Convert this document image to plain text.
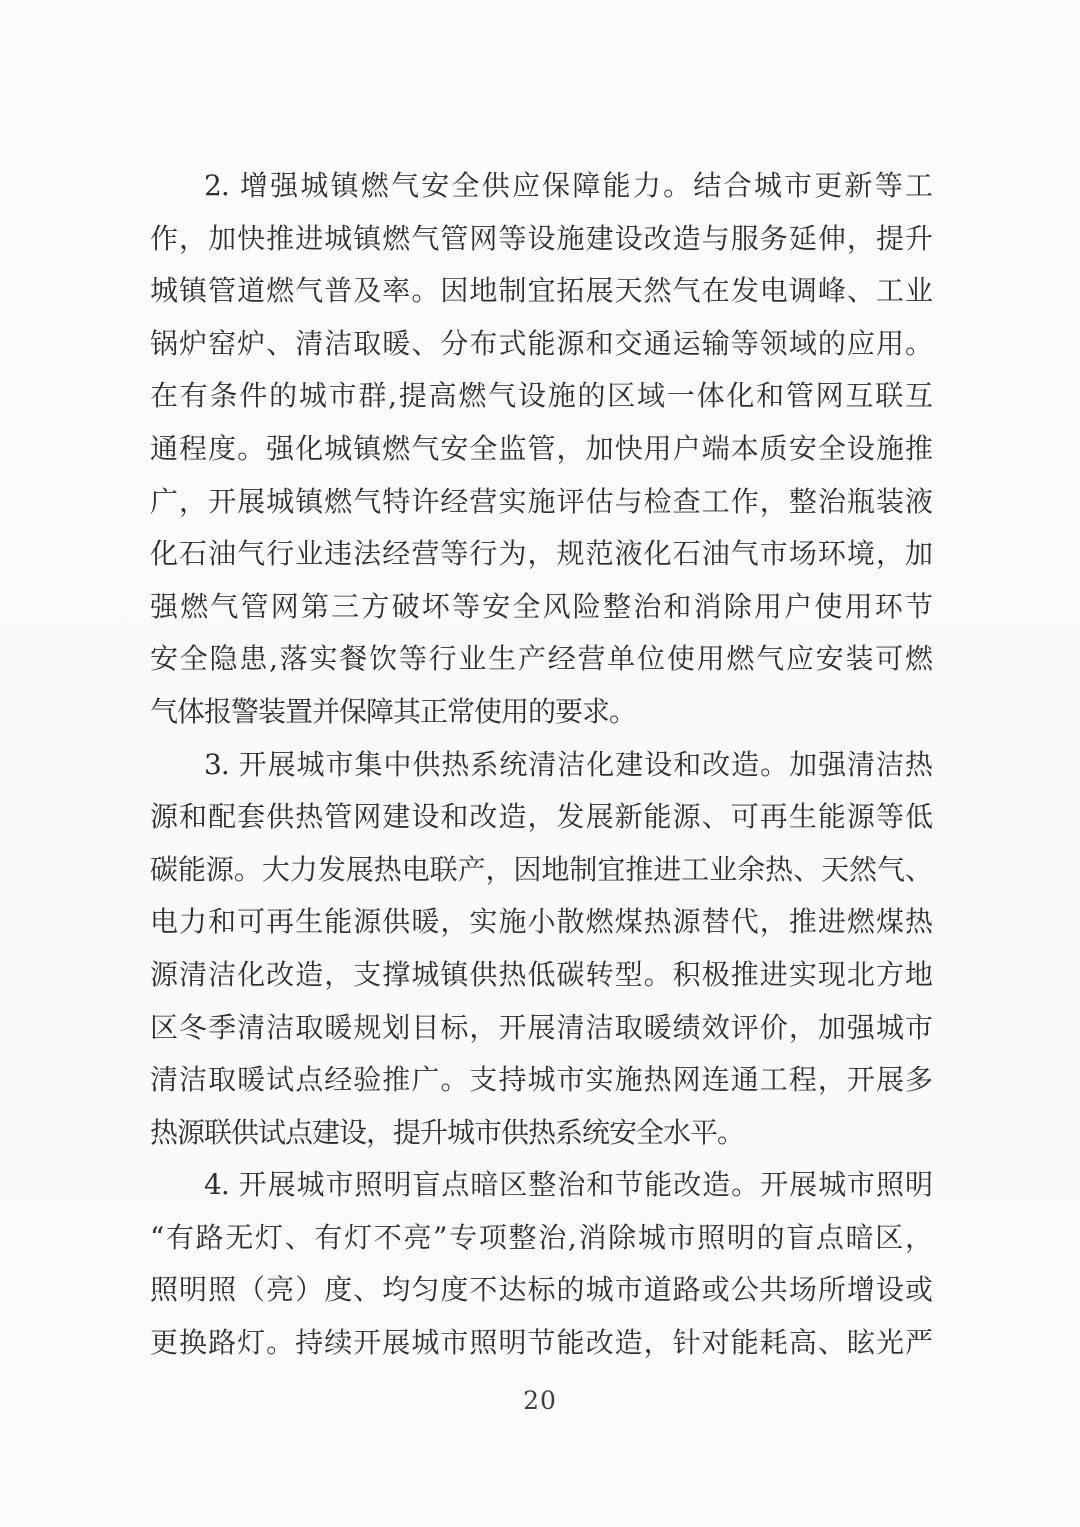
2. 增强城镇燃气安全供应保障能力。结合城市更新等工
作，加快推进城镇燃气管网等设施建设改造与服务延伸，提升
城镇管道燃气普及率。因地制宜拓展天然气在发电调峰、工业
锅炉窑炉、清洁取暖、分布式能源和交通运输等领域的应用。
在有条件的城市群,提高燃气设施的区域一体化和管网互联互
通程度。强化城镇燃气安全监管，加快用户端本质安全设施推
广，开展城镇燃气特许经营实施评估与检查工作，整治瓶装液
化石油气行业违法经营等行为，规范液化石油气市场环境，加
强燃气管网第三方破坏等安全风险整治和消除用户使用环节
安全隐患,落实餐饮等行业生产经营单位使用燃气应安装可燃
气体报警装置并保障其正常使用的要求。
3. 开展城市集中供热系统清洁化建设和改造。加强清洁热
源和配套供热管网建设和改造，发展新能源、可再生能源等低
碳能源。大力发展热电联产，因地制宜推进工业余热、天然气、
电力和可再生能源供暖，实施小散燃煤热源替代，推进燃煤热
源清洁化改造，支撑城镇供热低碳转型。积极推进实现北方地
区冬季清洁取暖规划目标，开展清洁取暖绩效评价，加强城市
清洁取暖试点经验推广。支持城市实施热网连通工程，开展多
热源联供试点建设，提升城市供热系统安全水平。
4. 开展城市照明盲点暗区整治和节能改造。开展城市照明
“有路无灯、有灯不亮”专项整治,消除城市照明的盲点暗区，
照明照（亮）度、均匀度不达标的城市道路或公共场所增设或
更换路灯。持续开展城市照明节能改造，针对能耗高、眩光严
20
